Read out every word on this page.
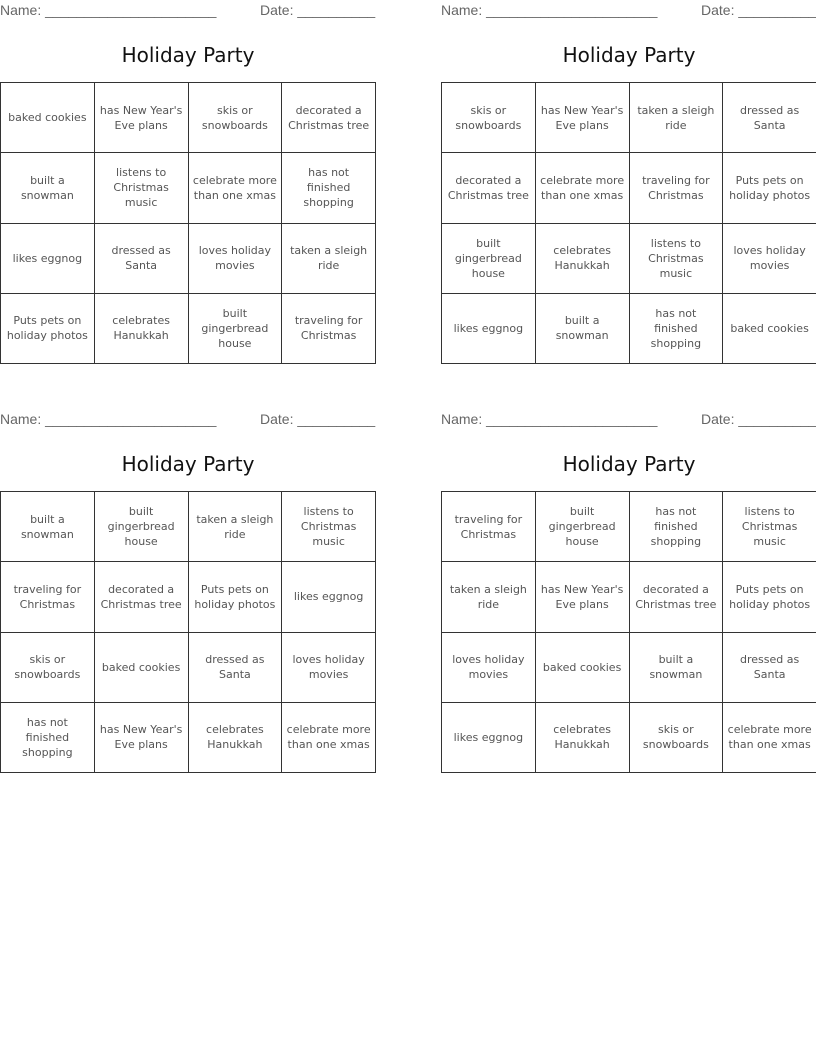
Name: ______________________	Date: __________
Holiday Party
baked cookies	has New Year's Eve plans	skis or snowboards	decorated a Christmas tree
built a snowman	listens to Christmas music	celebrate more than one xmas	has not finished shopping
likes eggnog	dressed as Santa	loves holiday movies	taken a sleigh ride
Puts pets on holiday photos	celebrates Hanukkah	built gingerbread house	traveling for Christmas
Name: ______________________	Date: __________
Holiday Party
skis or snowboards	has New Year's Eve plans	taken a sleigh ride	dressed as Santa
decorated a Christmas tree	celebrate more than one xmas	traveling for Christmas	Puts pets on holiday photos
built gingerbread house	celebrates Hanukkah	listens to Christmas music	loves holiday movies
likes eggnog	built a snowman	has not finished shopping	baked cookies
Name: ______________________	Date: __________
Holiday Party
built a snowman	built gingerbread house	taken a sleigh ride	listens to Christmas music
traveling for Christmas	decorated a Christmas tree	Puts pets on holiday photos	likes eggnog
skis or snowboards	baked cookies	dressed as Santa	loves holiday movies
has not finished shopping	has New Year's Eve plans	celebrates Hanukkah	celebrate more than one xmas
Name: ______________________	Date: __________
Holiday Party
traveling for Christmas	built gingerbread house	has not finished shopping	listens to Christmas music
taken a sleigh ride	has New Year's Eve plans	decorated a Christmas tree	Puts pets on holiday photos
loves holiday movies	baked cookies	built a snowman	dressed as Santa
likes eggnog	celebrates Hanukkah	skis or snowboards	celebrate more than one xmas
